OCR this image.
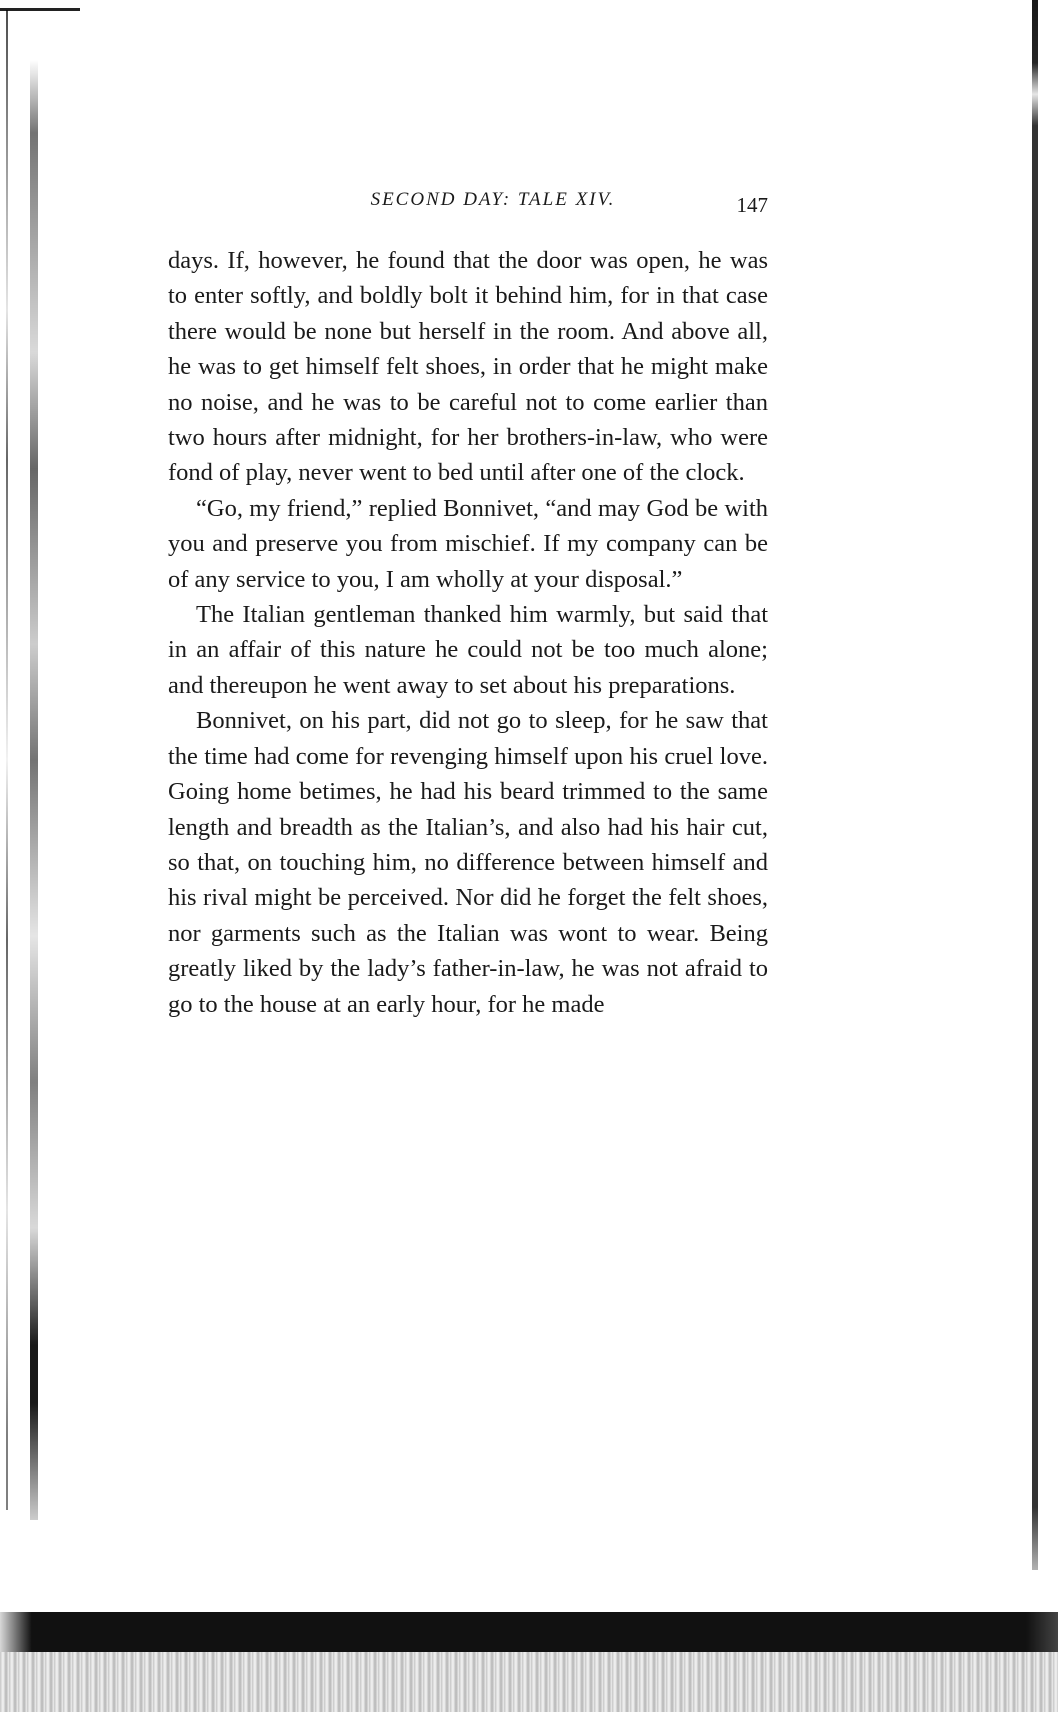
SECOND DAY: TALE XIV.	147

days. If, however, he found that the door was open, he was to enter softly, and boldly bolt it behind him, for in that case there would be none but herself in the room. And above all, he was to get himself felt shoes, in order that he might make no noise, and he was to be careful not to come earlier than two hours after midnight, for her brothers-in-law, who were fond of play, never went to bed until after one of the clock.

“Go, my friend,” replied Bonnivet, “and may God be with you and preserve you from mischief. If my company can be of any service to you, I am wholly at your disposal.”

The Italian gentleman thanked him warmly, but said that in an affair of this nature he could not be too much alone; and thereupon he went away to set about his preparations.

Bonnivet, on his part, did not go to sleep, for he saw that the time had come for revenging himself upon his cruel love. Going home betimes, he had his beard trimmed to the same length and breadth as the Italian’s, and also had his hair cut, so that, on touching him, no difference between himself and his rival might be perceived. Nor did he forget the felt shoes, nor garments such as the Italian was wont to wear. Being greatly liked by the lady’s father-in-law, he was not afraid to go to the house at an early hour, for he made
